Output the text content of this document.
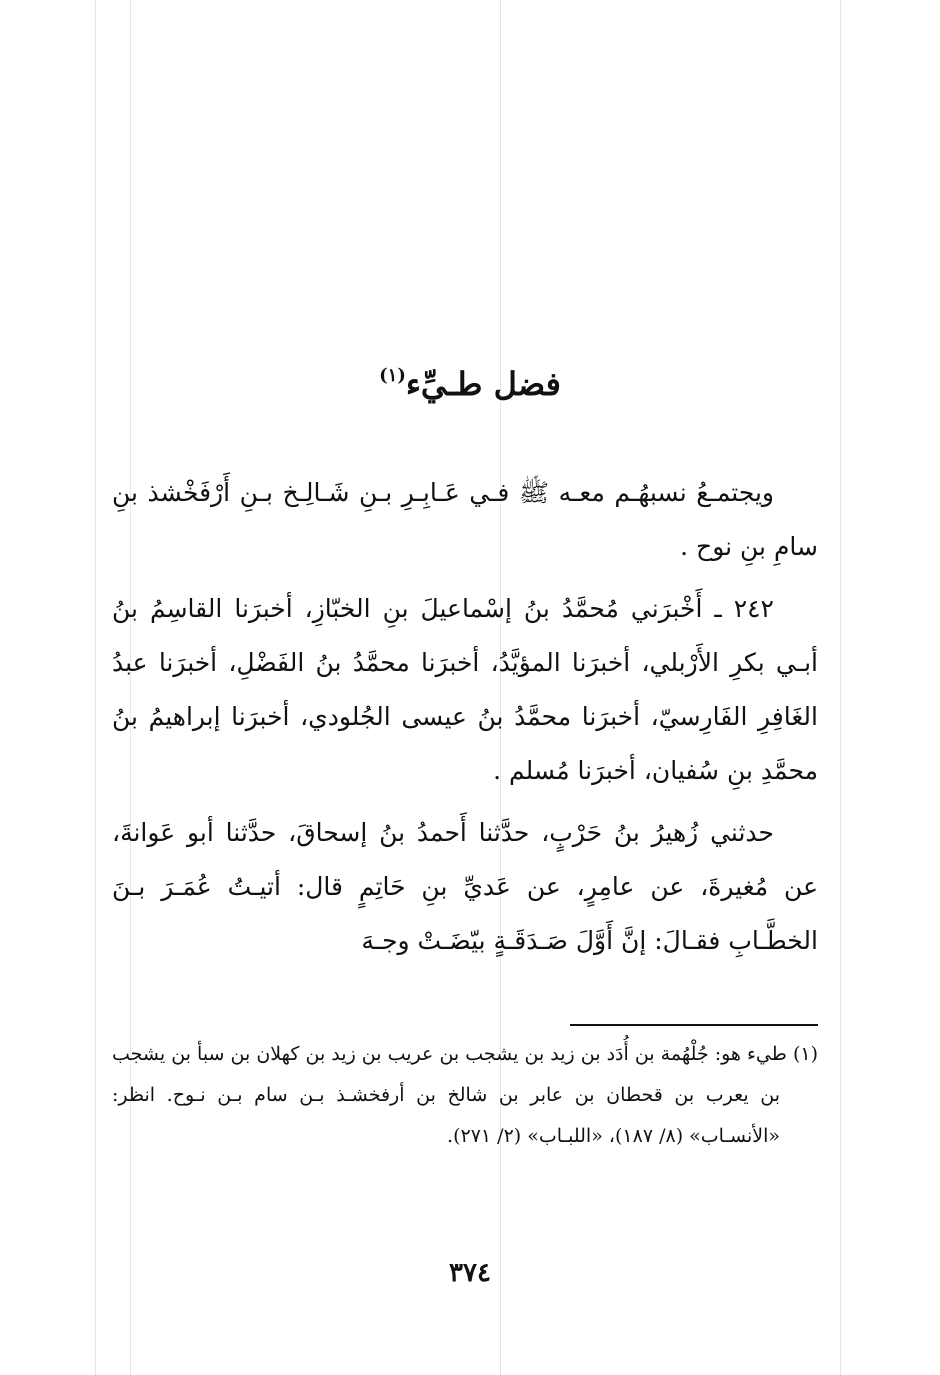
فضل طـيِّء$^{(١)}$

ويجتمـعُ نسبهُـم معـه ﷺ فـي عَـابِـرِ بـنِ شَـالِـخ بـنِ أَرْفَخْشذ بنِ سامِ بنِ نوح .

٢٤٢ ـ أَخْبرَني مُحمَّدُ بنُ إسْماعيلَ بنِ الخبّازِ، أخبرَنا القاسِمُ بنُ أبـي بكرِ الأَرْبلي، أخبرَنا المؤيَّدُ، أخبرَنا محمَّدُ بنُ الفَضْلِ، أخبرَنا عبدُ الغَافِرِ الفَارِسيّ، أخبرَنا محمَّدُ بنُ عيسى الجُلودي، أخبرَنا إبراهيمُ بنُ محمَّدِ بنِ سُفيان، أخبرَنا مُسلم .

حدثني زُهيرُ بنُ حَرْبٍ، حدَّثنا أَحمدُ بنُ إسحاقَ، حدَّثنا أبو عَوانةَ، عن مُغيرةَ، عن عامِرٍ، عن عَديِّ بنِ حَاتِمٍ قال: أتيـتُ عُمَـرَ بـنَ الخطَّـابِ فقـالَ: إنَّ أَوَّلَ صَـدَقَـةٍ بيّضَـتْ وجـهَ

(١) طيء هو: جُلْهُمة بن أُدَد بن زيد بن يشجب بن عريب بن زيد بن كهلان بن سبأ بن يشجب بن يعرب بن قحطان بن عابر بن شالخ بن أرفخشـذ بـن سام بـن نـوح. انظر: «الأنسـاب» (٨/ ١٨٧)، «اللبـاب» (٢/ ٢٧١).

٣٧٤
